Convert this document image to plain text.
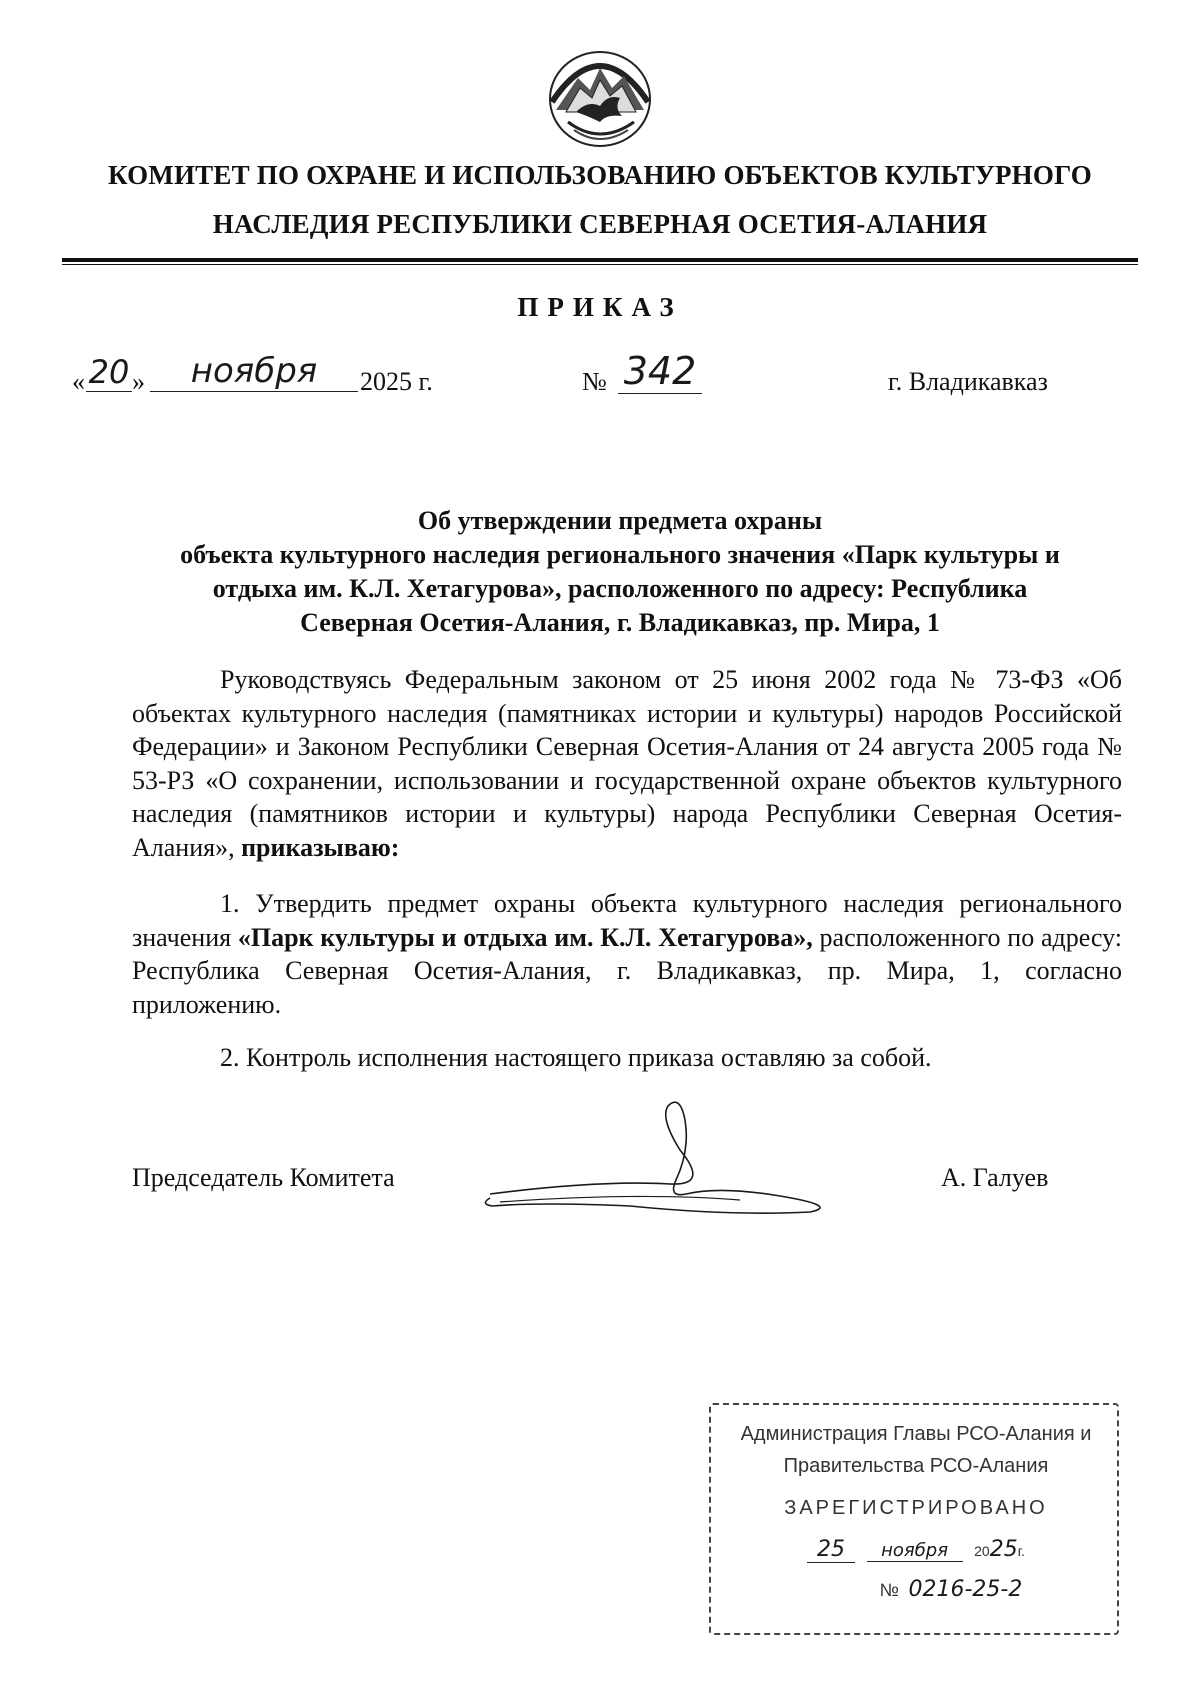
КОМИТЕТ ПО ОХРАНЕ И ИСПОЛЬЗОВАНИЮ ОБЪЕКТОВ КУЛЬТУРНОГО
НАСЛЕДИЯ РЕСПУБЛИКИ СЕВЕРНАЯ ОСЕТИЯ-АЛАНИЯ
ПРИКАЗ
« 20 »	ноября	2025 г.	№ 342	г. Владикавказ
Об утверждении предмета охраны
объекта культурного наследия регионального значения «Парк культуры и
отдыха им. К.Л. Хетагурова», расположенного по адресу: Республика
Северная Осетия-Алания, г. Владикавказ, пр. Мира, 1
Руководствуясь Федеральным законом от 25 июня 2002 года № 73-ФЗ «Об объектах культурного наследия (памятниках истории и культуры) народов Российской Федерации» и Законом Республики Северная Осетия-Алания от 24 августа 2005 года № 53-РЗ «О сохранении, использовании и государственной охране объектов культурного наследия (памятников истории и культуры) народа Республики Северная Осетия-Алания», приказываю:
1. Утвердить предмет охраны объекта культурного наследия регионального значения «Парк культуры и отдыха им. К.Л. Хетагурова», расположенного по адресу: Республика Северная Осетия-Алания, г. Владикавказ, пр. Мира, 1, согласно приложению.
2. Контроль исполнения настоящего приказа оставляю за собой.
Председатель Комитета	А. Галуев
Администрация Главы РСО-Алания и
Правительства РСО-Алания
ЗАРЕГИСТРИРОВАНО
25 ноября 2025г.
№ 0216-25-2
